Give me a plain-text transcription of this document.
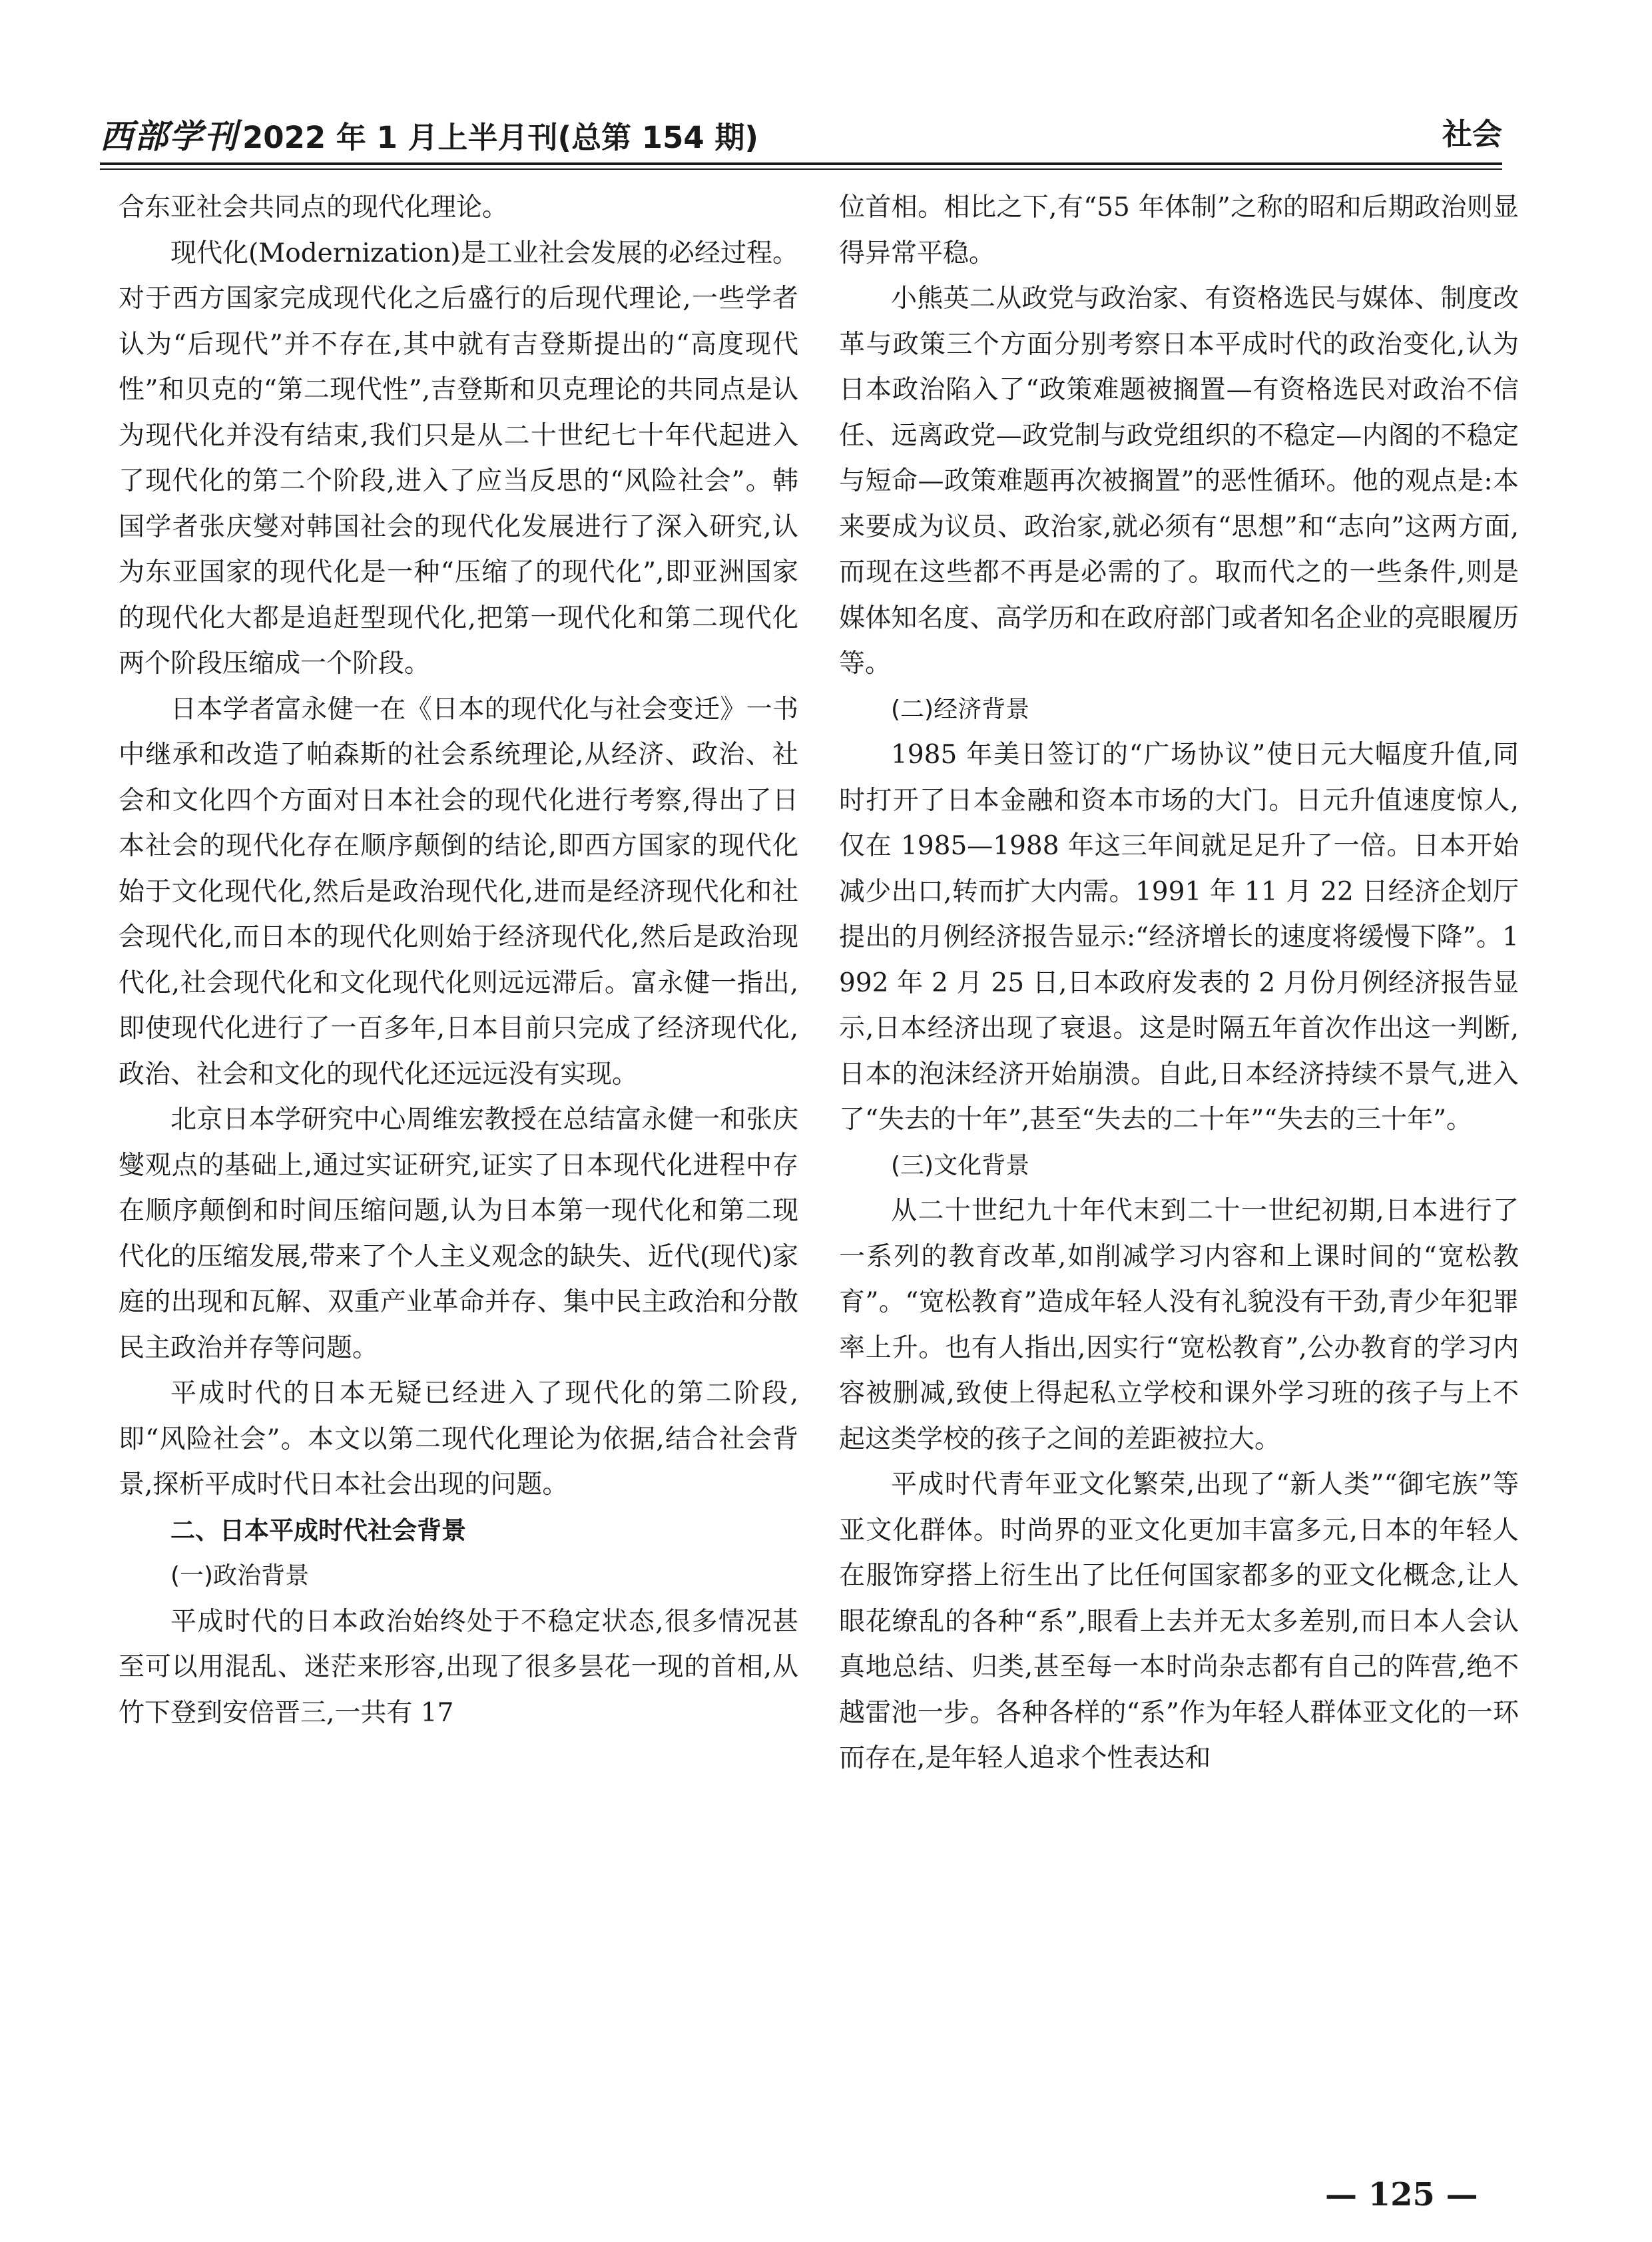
西部学刊 2022 年 1 月上半月刊(总第 154 期)	社会

合东亚社会共同点的现代化理论。

现代化(Modernization)是工业社会发展的必经过程。对于西方国家完成现代化之后盛行的后现代理论,一些学者认为“后现代”并不存在,其中就有吉登斯提出的“高度现代性”和贝克的“第二现代性”,吉登斯和贝克理论的共同点是认为现代化并没有结束,我们只是从二十世纪七十年代起进入了现代化的第二个阶段,进入了应当反思的“风险社会”。韩国学者张庆燮对韩国社会的现代化发展进行了深入研究,认为东亚国家的现代化是一种“压缩了的现代化”,即亚洲国家的现代化大都是追赶型现代化,把第一现代化和第二现代化两个阶段压缩成一个阶段。

日本学者富永健一在《日本的现代化与社会变迁》一书中继承和改造了帕森斯的社会系统理论,从经济、政治、社会和文化四个方面对日本社会的现代化进行考察,得出了日本社会的现代化存在顺序颠倒的结论,即西方国家的现代化始于文化现代化,然后是政治现代化,进而是经济现代化和社会现代化,而日本的现代化则始于经济现代化,然后是政治现代化,社会现代化和文化现代化则远远滞后。富永健一指出,即使现代化进行了一百多年,日本目前只完成了经济现代化,政治、社会和文化的现代化还远远没有实现。

北京日本学研究中心周维宏教授在总结富永健一和张庆燮观点的基础上,通过实证研究,证实了日本现代化进程中存在顺序颠倒和时间压缩问题,认为日本第一现代化和第二现代化的压缩发展,带来了个人主义观念的缺失、近代(现代)家庭的出现和瓦解、双重产业革命并存、集中民主政治和分散民主政治并存等问题。

平成时代的日本无疑已经进入了现代化的第二阶段,即“风险社会”。本文以第二现代化理论为依据,结合社会背景,探析平成时代日本社会出现的问题。

二、日本平成时代社会背景
(一)政治背景

平成时代的日本政治始终处于不稳定状态,很多情况甚至可以用混乱、迷茫来形容,出现了很多昙花一现的首相,从竹下登到安倍晋三,一共有 17

位首相。相比之下,有“55 年体制”之称的昭和后期政治则显得异常平稳。

小熊英二从政党与政治家、有资格选民与媒体、制度改革与政策三个方面分别考察日本平成时代的政治变化,认为日本政治陷入了“政策难题被搁置—有资格选民对政治不信任、远离政党—政党制与政党组织的不稳定—内阁的不稳定与短命—政策难题再次被搁置”的恶性循环。他的观点是:本来要成为议员、政治家,就必须有“思想”和“志向”这两方面,而现在这些都不再是必需的了。取而代之的一些条件,则是媒体知名度、高学历和在政府部门或者知名企业的亮眼履历等。

(二)经济背景

1985 年美日签订的“广场协议”使日元大幅度升值,同时打开了日本金融和资本市场的大门。日元升值速度惊人,仅在 1985—1988 年这三年间就足足升了一倍。日本开始减少出口,转而扩大内需。1991 年 11 月 22 日经济企划厅提出的月例经济报告显示:“经济增长的速度将缓慢下降”。1992 年 2 月 25 日,日本政府发表的 2 月份月例经济报告显示,日本经济出现了衰退。这是时隔五年首次作出这一判断,日本的泡沫经济开始崩溃。自此,日本经济持续不景气,进入了“失去的十年”,甚至“失去的二十年”“失去的三十年”。

(三)文化背景

从二十世纪九十年代末到二十一世纪初期,日本进行了一系列的教育改革,如削减学习内容和上课时间的“宽松教育”。“宽松教育”造成年轻人没有礼貌没有干劲,青少年犯罪率上升。也有人指出,因实行“宽松教育”,公办教育的学习内容被删减,致使上得起私立学校和课外学习班的孩子与上不起这类学校的孩子之间的差距被拉大。

平成时代青年亚文化繁荣,出现了“新人类”“御宅族”等亚文化群体。时尚界的亚文化更加丰富多元,日本的年轻人在服饰穿搭上衍生出了比任何国家都多的亚文化概念,让人眼花缭乱的各种“系”,眼看上去并无太多差别,而日本人会认真地总结、归类,甚至每一本时尚杂志都有自己的阵营,绝不越雷池一步。各种各样的“系”作为年轻人群体亚文化的一环而存在,是年轻人追求个性表达和

— 125 —
